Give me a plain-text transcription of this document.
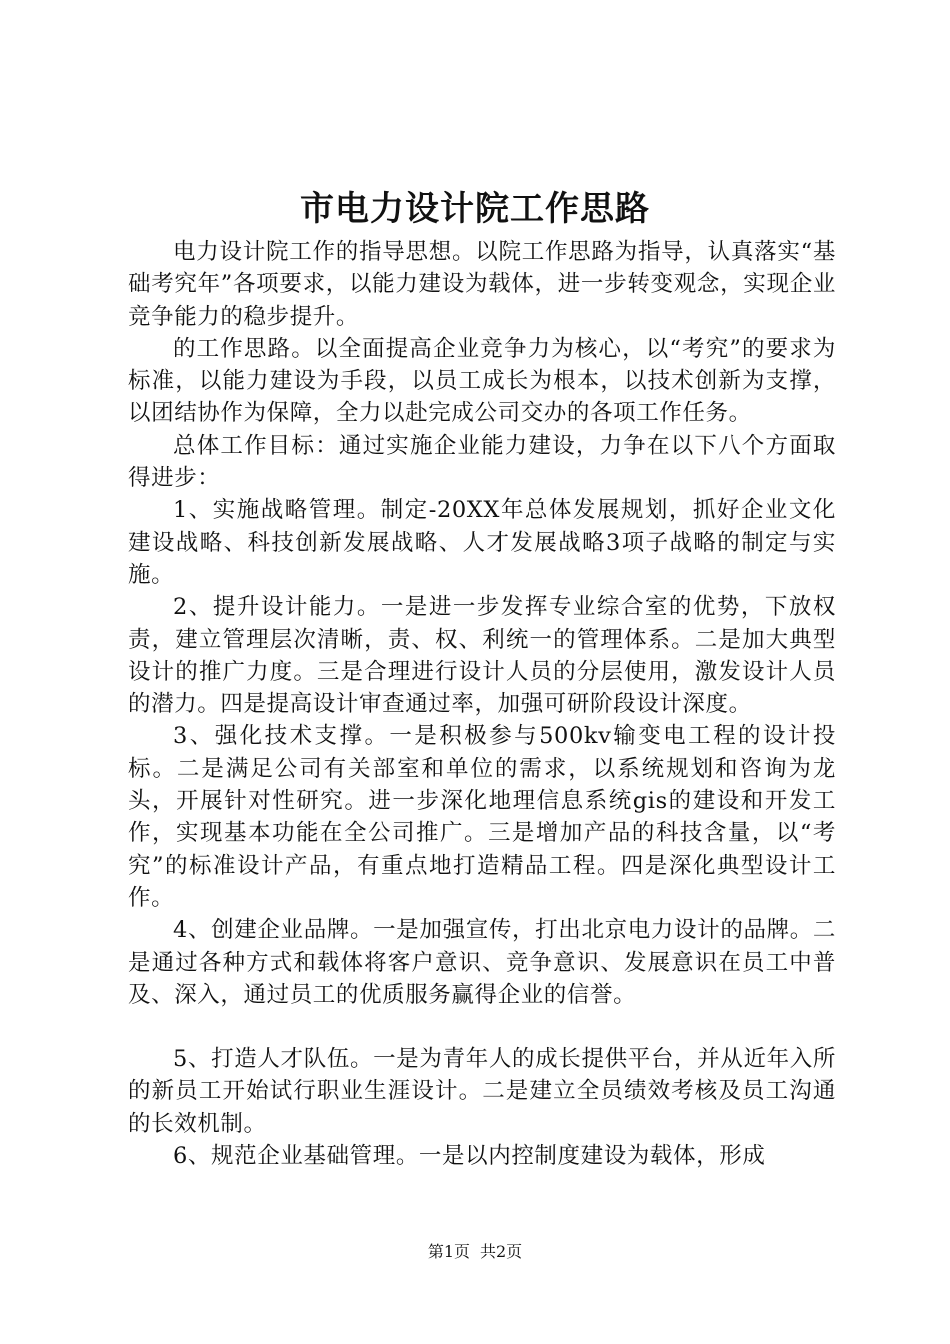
市电力设计院工作思路

电力设计院工作的指导思想。以院工作思路为指导，认真落实“基础考究年”各项要求，以能力建设为载体，进一步转变观念，实现企业竞争能力的稳步提升。

的工作思路。以全面提高企业竞争力为核心，以“考究”的要求为标准，以能力建设为手段，以员工成长为根本，以技术创新为支撑，以团结协作为保障，全力以赴完成公司交办的各项工作任务。

总体工作目标：通过实施企业能力建设，力争在以下八个方面取得进步：

1、实施战略管理。制定-20XX年总体发展规划，抓好企业文化建设战略、科技创新发展战略、人才发展战略3项子战略的制定与实施。

2、提升设计能力。一是进一步发挥专业综合室的优势，下放权责，建立管理层次清晰，责、权、利统一的管理体系。二是加大典型设计的推广力度。三是合理进行设计人员的分层使用，激发设计人员的潜力。四是提高设计审查通过率，加强可研阶段设计深度。

3、强化技术支撑。一是积极参与500kv输变电工程的设计投标。二是满足公司有关部室和单位的需求，以系统规划和咨询为龙头，开展针对性研究。进一步深化地理信息系统gis的建设和开发工作，实现基本功能在全公司推广。三是增加产品的科技含量，以“考究”的标准设计产品，有重点地打造精品工程。四是深化典型设计工作。

4、创建企业品牌。一是加强宣传，打出北京电力设计的品牌。二是通过各种方式和载体将客户意识、竞争意识、发展意识在员工中普及、深入，通过员工的优质服务赢得企业的信誉。

5、打造人才队伍。一是为青年人的成长提供平台，并从近年入所的新员工开始试行职业生涯设计。二是建立全员绩效考核及员工沟通的长效机制。

6、规范企业基础管理。一是以内控制度建设为载体，形成

第1页 共2页
